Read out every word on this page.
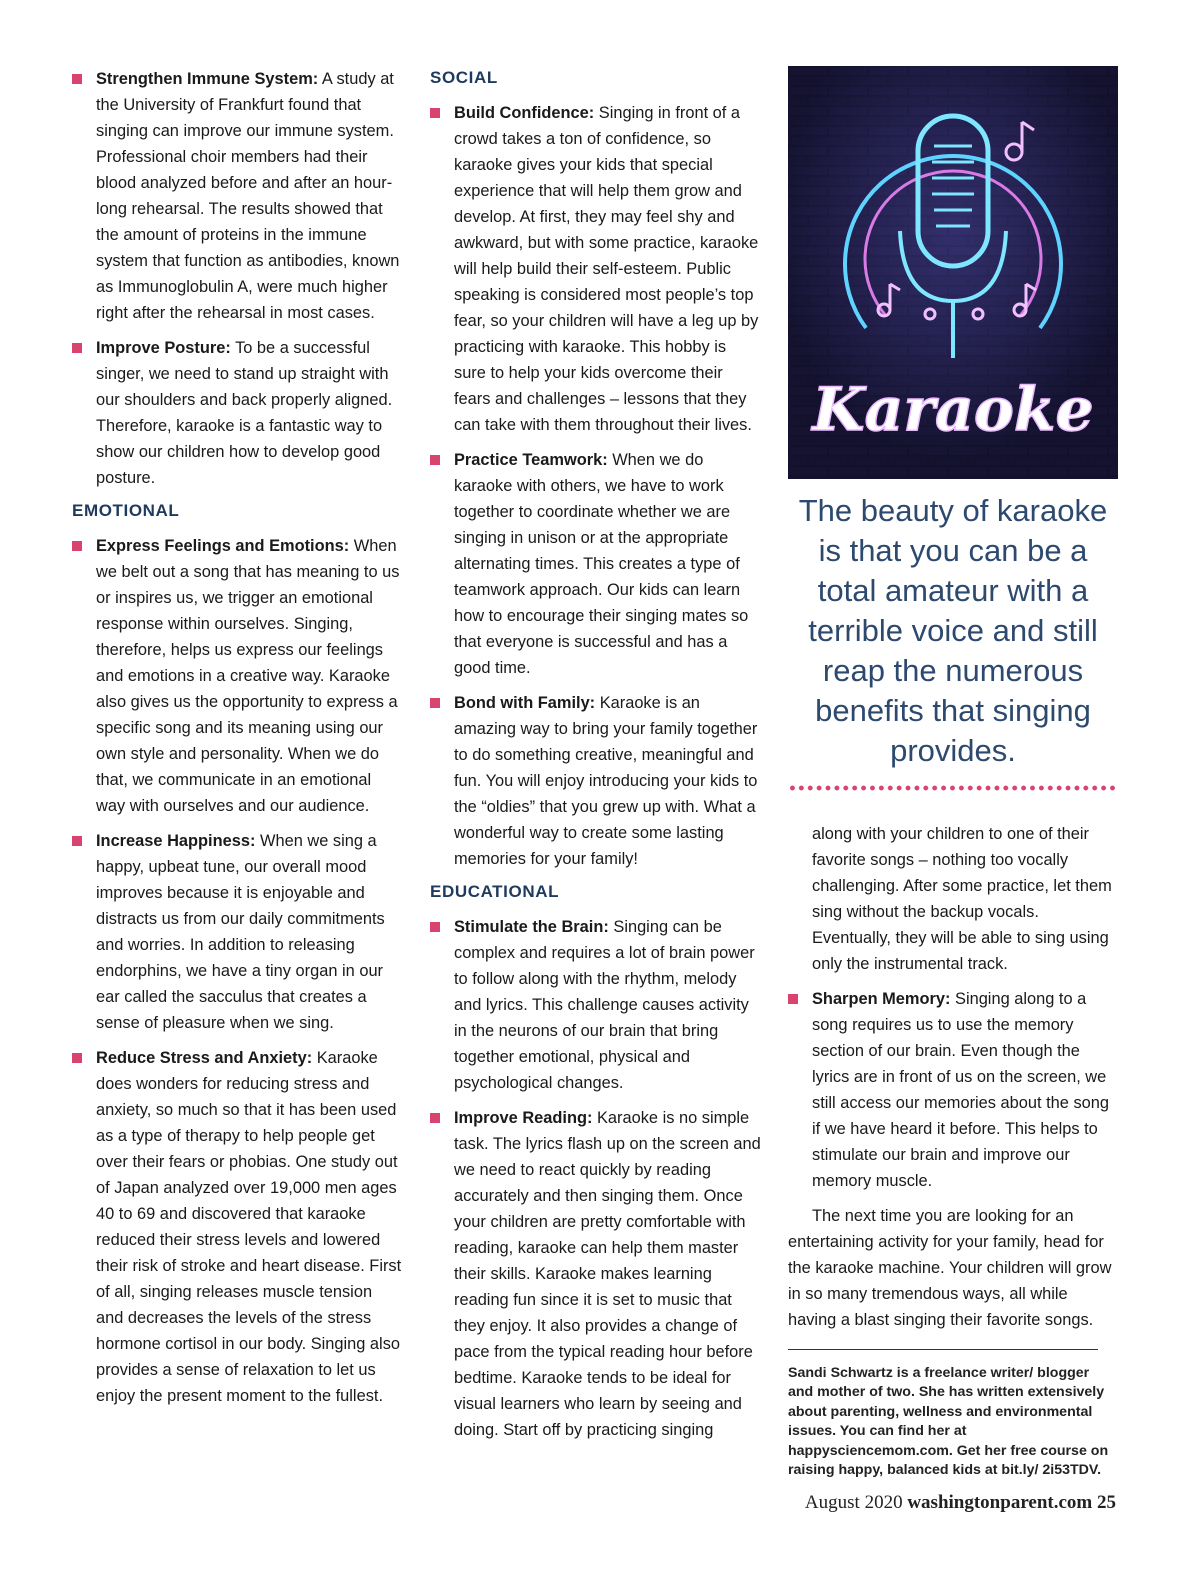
Strengthen Immune System: A study at the University of Frankfurt found that singing can improve our immune system. Professional choir members had their blood analyzed before and after an hour-long rehearsal. The results showed that the amount of proteins in the immune system that function as antibodies, known as Immunoglobulin A, were much higher right after the rehearsal in most cases.
Improve Posture: To be a successful singer, we need to stand up straight with our shoulders and back properly aligned. Therefore, karaoke is a fantastic way to show our children how to develop good posture.
EMOTIONAL
Express Feelings and Emotions: When we belt out a song that has meaning to us or inspires us, we trigger an emotional response within ourselves. Singing, therefore, helps us express our feelings and emotions in a creative way. Karaoke also gives us the opportunity to express a specific song and its meaning using our own style and personality. When we do that, we communicate in an emotional way with ourselves and our audience.
Increase Happiness: When we sing a happy, upbeat tune, our overall mood improves because it is enjoyable and distracts us from our daily commitments and worries. In addition to releasing endorphins, we have a tiny organ in our ear called the sacculus that creates a sense of pleasure when we sing.
Reduce Stress and Anxiety: Karaoke does wonders for reducing stress and anxiety, so much so that it has been used as a type of therapy to help people get over their fears or phobias. One study out of Japan analyzed over 19,000 men ages 40 to 69 and discovered that karaoke reduced their stress levels and lowered their risk of stroke and heart disease. First of all, singing releases muscle tension and decreases the levels of the stress hormone cortisol in our body. Singing also provides a sense of relaxation to let us enjoy the present moment to the fullest.
SOCIAL
Build Confidence: Singing in front of a crowd takes a ton of confidence, so karaoke gives your kids that special experience that will help them grow and develop. At first, they may feel shy and awkward, but with some practice, karaoke will help build their self-esteem. Public speaking is considered most people’s top fear, so your children will have a leg up by practicing with karaoke. This hobby is sure to help your kids overcome their fears and challenges – lessons that they can take with them throughout their lives.
Practice Teamwork: When we do karaoke with others, we have to work together to coordinate whether we are singing in unison or at the appropriate alternating times. This creates a type of teamwork approach. Our kids can learn how to encourage their singing mates so that everyone is successful and has a good time.
Bond with Family: Karaoke is an amazing way to bring your family together to do something creative, meaningful and fun. You will enjoy introducing your kids to the “oldies” that you grew up with. What a wonderful way to create some lasting memories for your family!
EDUCATIONAL
Stimulate the Brain: Singing can be complex and requires a lot of brain power to follow along with the rhythm, melody and lyrics. This challenge causes activity in the neurons of our brain that bring together emotional, physical and psychological changes.
Improve Reading: Karaoke is no simple task. The lyrics flash up on the screen and we need to react quickly by reading accurately and then singing them. Once your children are pretty comfortable with reading, karaoke can help them master their skills. Karaoke makes learning reading fun since it is set to music that they enjoy. It also provides a change of pace from the typical reading hour before bedtime. Karaoke tends to be ideal for visual learners who learn by seeing and doing. Start off by practicing singing
Karaoke
The beauty of karaoke is that you can be a total amateur with a terrible voice and still reap the numerous benefits that singing provides.
along with your children to one of their favorite songs – nothing too vocally challenging. After some practice, let them sing without the backup vocals. Eventually, they will be able to sing using only the instrumental track.
Sharpen Memory: Singing along to a song requires us to use the memory section of our brain. Even though the lyrics are in front of us on the screen, we still access our memories about the song if we have heard it before. This helps to stimulate our brain and improve our memory muscle.
The next time you are looking for an entertaining activity for your family, head for the karaoke machine. Your children will grow in so many tremendous ways, all while having a blast singing their favorite songs.
Sandi Schwartz is a freelance writer/ blogger and mother of two. She has written extensively about parenting, wellness and environmental issues. You can find her at happysciencemom.com. Get her free course on raising happy, balanced kids at bit.ly/ 2i53TDV.
August 2020 washingtonparent.com 25
